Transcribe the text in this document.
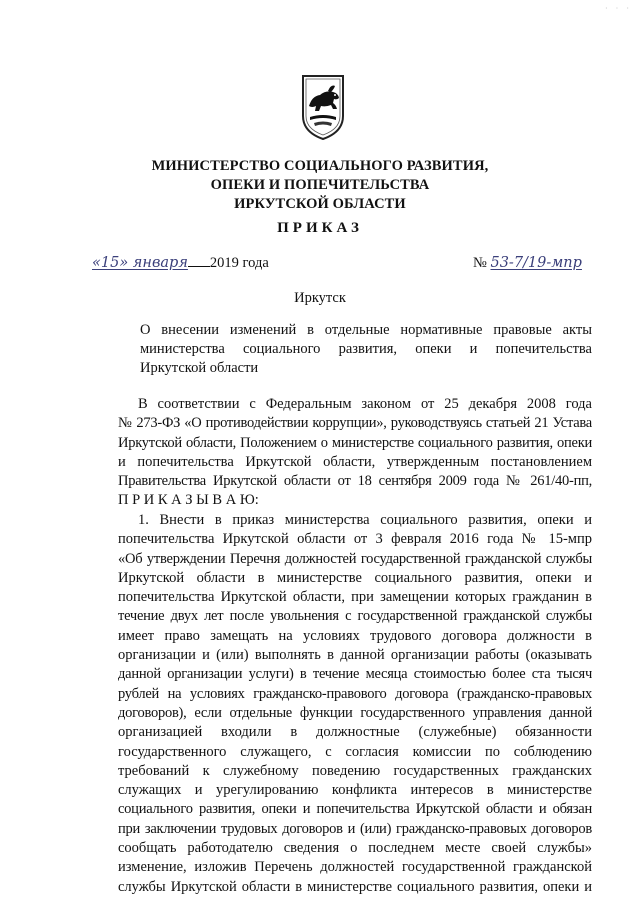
· · ·
МИНИСТЕРСТВО СОЦИАЛЬНОГО РАЗВИТИЯ,
ОПЕКИ И ПОПЕЧИТЕЛЬСТВА
ИРКУТСКОЙ ОБЛАСТИ
ПРИКАЗ
«15» января 2019 года	№ 53-7/19-мпр
Иркутск
О внесении изменений в отдельные нормативные правовые акты
министерства социального развития, опеки и попечительства
Иркутской области
В соответствии с Федеральным законом от 25 декабря 2008 года
№ 273-ФЗ «О противодействии коррупции», руководствуясь статьей 21 Устава
Иркутской области, Положением о министерстве социального развития, опеки
и попечительства Иркутской области, утвержденным постановлением
Правительства Иркутской области от 18 сентября 2009 года № 261/40-пп,
П Р И К А З Ы В А Ю:
1. Внести в приказ министерства социального развития, опеки и
попечительства Иркутской области от 3 февраля 2016 года № 15-мпр
«Об утверждении Перечня должностей государственной гражданской службы
Иркутской области в министерстве социального развития, опеки и
попечительства Иркутской области, при замещении которых гражданин в
течение двух лет после увольнения с государственной гражданской службы
имеет право замещать на условиях трудового договора должности в
организации и (или) выполнять в данной организации работы (оказывать
данной организации услуги) в течение месяца стоимостью более ста тысяч
рублей на условиях гражданско-правового договора (гражданско-правовых
договоров), если отдельные функции государственного управления данной
организацией входили в должностные (служебные) обязанности
государственного служащего, с согласия комиссии по соблюдению
требований к служебному поведению государственных гражданских
служащих и урегулированию конфликта интересов в министерстве
социального развития, опеки и попечительства Иркутской области и обязан
при заключении трудовых договоров и (или) гражданско-правовых договоров
сообщать работодателю сведения о последнем месте своей службы»
изменение, изложив Перечень должностей государственной гражданской
службы Иркутской области в министерстве социального развития, опеки и
